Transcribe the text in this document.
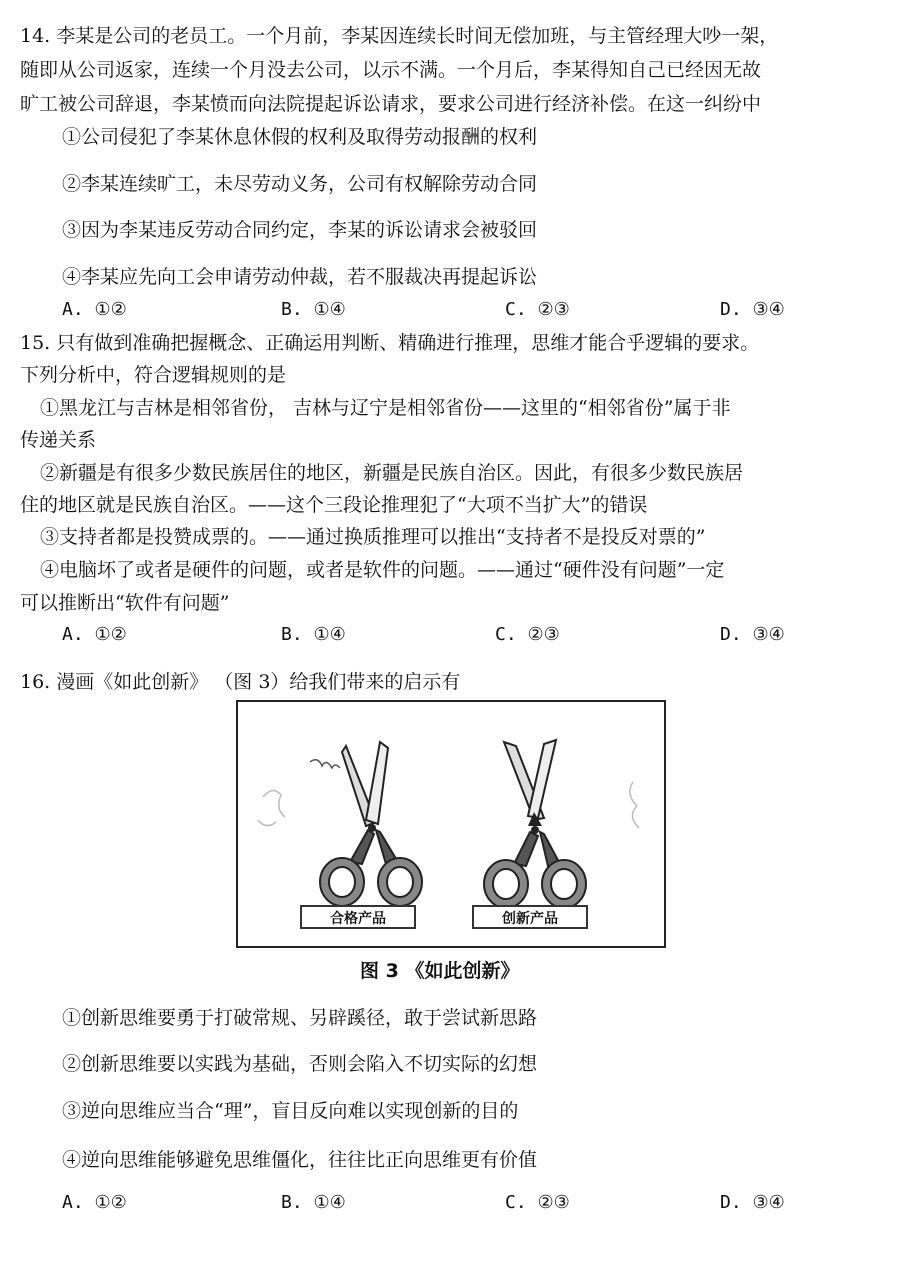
14. 李某是公司的老员工。一个月前，李某因连续长时间无偿加班，与主管经理大吵一架，
随即从公司返家，连续一个月没去公司，以示不满。一个月后，李某得知自己已经因无故
旷工被公司辞退，李某愤而向法院提起诉讼请求，要求公司进行经济补偿。在这一纠纷中
①公司侵犯了李某休息休假的权利及取得劳动报酬的权利
②李某连续旷工，未尽劳动义务，公司有权解除劳动合同
③因为李某违反劳动合同约定，李某的诉讼请求会被驳回
④李某应先向工会申请劳动仲裁，若不服裁决再提起诉讼
A. ①②	B. ①④	C. ②③	D. ③④
15. 只有做到准确把握概念、正确运用判断、精确进行推理，思维才能合乎逻辑的要求。
下列分析中，符合逻辑规则的是
①黑龙江与吉林是相邻省份， 吉林与辽宁是相邻省份——这里的“相邻省份”属于非
传递关系
②新疆是有很多少数民族居住的地区，新疆是民族自治区。因此，有很多少数民族居
住的地区就是民族自治区。——这个三段论推理犯了“大项不当扩大”的错误
③支持者都是投赞成票的。——通过换质推理可以推出“支持者不是投反对票的”
④电脑坏了或者是硬件的问题，或者是软件的问题。——通过“硬件没有问题”一定
可以推断出“软件有问题”
A. ①②	B. ①④	C. ②③	D. ③④
16. 漫画《如此创新》 （图 3）给我们带来的启示有
合格产品	创新产品
图 3 《如此创新》
①创新思维要勇于打破常规、另辟蹊径，敢于尝试新思路
②创新思维要以实践为基础，否则会陷入不切实际的幻想
③逆向思维应当合“理”，盲目反向难以实现创新的目的
④逆向思维能够避免思维僵化，往往比正向思维更有价值
A. ①②	B. ①④	C. ②③	D. ③④
